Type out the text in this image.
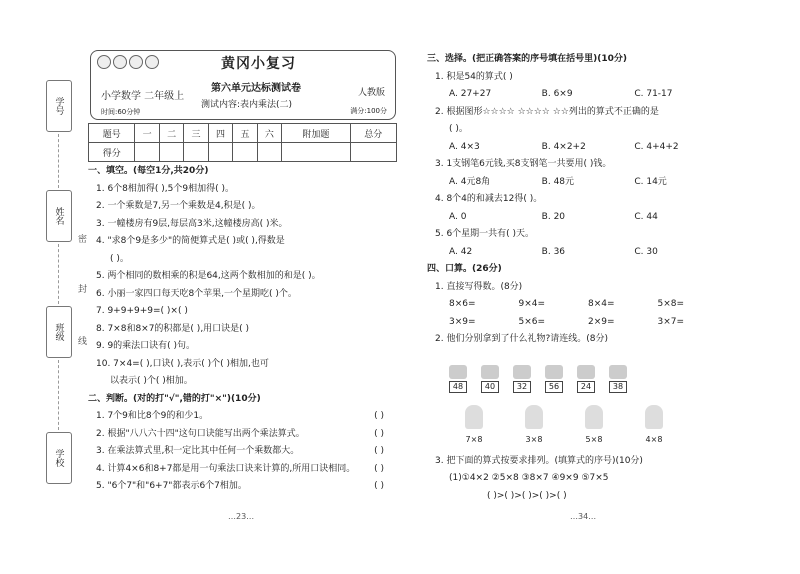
学号
姓名
班级
学校
密
封
线
黄冈小复习
小学数学 二年级上
时间:60分钟
第六单元达标测试卷
测试内容:表内乘法(二)
人教版
满分:100分
题号	一	二	三	四	五	六	附加题	总分
得分								
一、填空。(每空1分,共20分)
1. 6个8相加得( ),5个9相加得( )。
2. 一个乘数是7,另一个乘数是4,积是( )。
3. 一幢楼房有9层,每层高3米,这幢楼房高( )米。
4. "求8个9是多少"的简便算式是( )或( ),得数是
( )。
5. 两个相同的数相乘的积是64,这两个数相加的和是( )。
6. 小丽一家四口每天吃8个苹果,一个星期吃( )个。
7. 9+9+9+9=( )×( )
8. 7×8和8×7的积都是( ),用口诀是( )
9. 9的乘法口诀有( )句。
10. 7×4=( ),口诀( ),表示( )个( )相加,也可
以表示( )个( )相加。
二、判断。(对的打"√",错的打"×")(10分)
1. 7个9和比8个9的和少1。	( )
2. 根据"八八六十四"这句口诀能写出两个乘法算式。	( )
3. 在乘法算式里,积一定比其中任何一个乘数都大。	( )
4. 计算4×6和8+7都是用一句乘法口诀来计算的,所用口诀相同。 ( )
5. "6个7"和"6+7"都表示6个7相加。	( )
三、选择。(把正确答案的序号填在括号里)(10分)
1. 积是54的算式( )
A. 27+27	B. 6×9	C. 71-17
2. 根据图形☆☆☆☆ ☆☆☆☆ ☆☆列出的算式不正确的是
( )。
A. 4×3	B. 4×2+2	C. 4+4+2
3. 1支钢笔6元钱,买8支钢笔一共要用( )钱。
A. 4元8角	B. 48元	C. 14元
4. 8个4的和减去12得( )。
A. 0	B. 20	C. 44
5. 6个星期一共有( )天。
A. 42	B. 36	C. 30
四、口算。(26分)
1. 直接写得数。(8分)
8×6=	9×4=	8×4=	5×8=
3×9=	5×6=	2×9=	3×7=
2. 他们分别拿到了什么礼物?请连线。(8分)
48	40	32	56	24	38
7×8	3×8	5×8	4×8
3. 把下面的算式按要求排列。(填算式的序号)(10分)
(1)①4×2 ②5×8 ③8×7 ④9×9 ⑤7×5
( )>( )>( )>( )>( )
…23…	…34…
